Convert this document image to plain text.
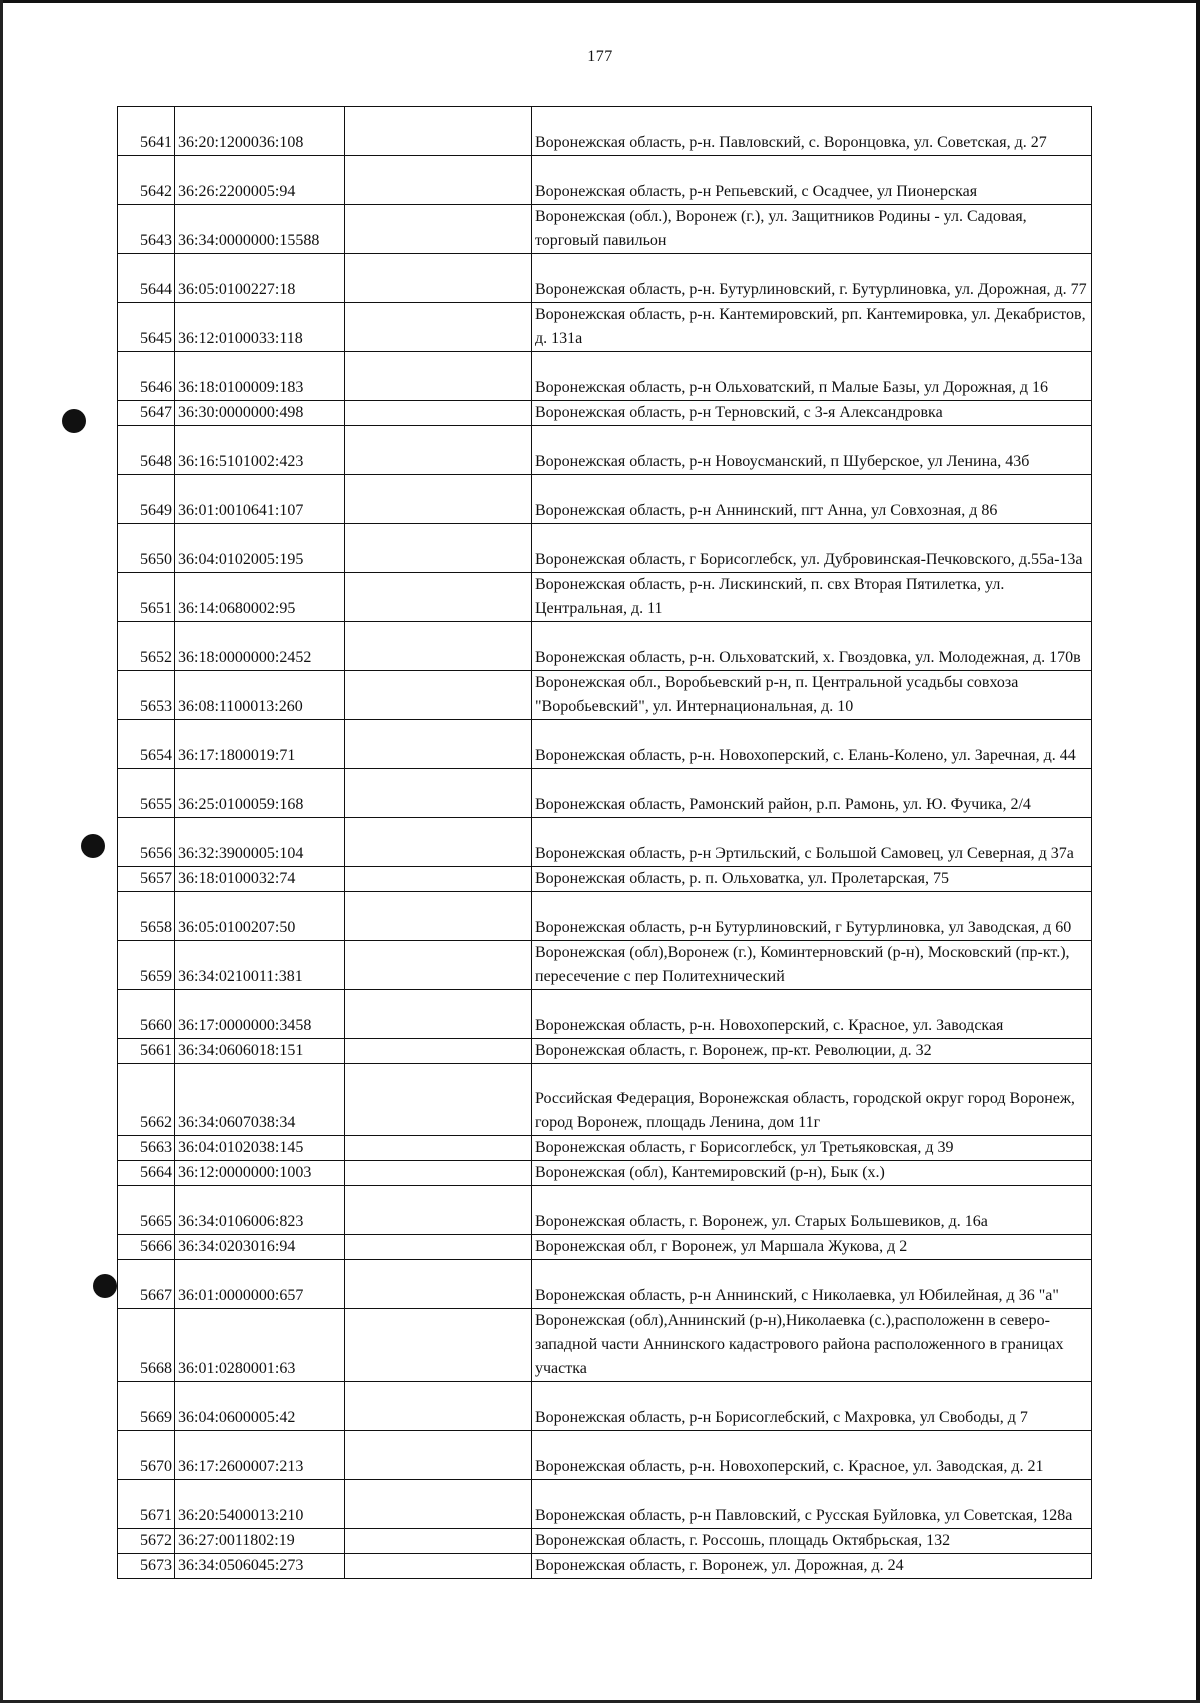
177
5641	36:20:1200036:108		Воронежская область, р-н. Павловский, с. Воронцовка, ул. Советская, д. 27
5642	36:26:2200005:94		Воронежская область, р-н Репьевский, с Осадчее, ул Пионерская
5643	36:34:0000000:15588		Воронежская (обл.), Воронеж (г.), ул. Защитников Родины - ул. Садовая, торговый павильон
5644	36:05:0100227:18		Воронежская область, р-н. Бутурлиновский, г. Бутурлиновка, ул. Дорожная, д. 77
5645	36:12:0100033:118		Воронежская область, р-н. Кантемировский, рп. Кантемировка, ул. Декабристов, д. 131а
5646	36:18:0100009:183		Воронежская область, р-н Ольховатский, п Малые Базы, ул Дорожная, д 16
5647	36:30:0000000:498		Воронежская область, р-н Терновский, с 3-я Александровка
5648	36:16:5101002:423		Воронежская область, р-н Новоусманский, п Шуберское, ул Ленина, 43б
5649	36:01:0010641:107		Воронежская область, р-н Аннинский, пгт Анна, ул Совхозная, д 86
5650	36:04:0102005:195		Воронежская область, г Борисоглебск, ул. Дубровинская-Печковского, д.55а-13а
5651	36:14:0680002:95		Воронежская область, р-н. Лискинский, п. свх Вторая Пятилетка, ул. Центральная, д. 11
5652	36:18:0000000:2452		Воронежская область, р-н. Ольховатский, х. Гвоздовка, ул. Молодежная, д. 170в
5653	36:08:1100013:260		Воронежская обл., Воробьевский р-н, п. Центральной усадьбы совхоза "Воробьевский", ул. Интернациональная, д. 10
5654	36:17:1800019:71		Воронежская область, р-н. Новохоперский, с. Елань-Колено, ул. Заречная, д. 44
5655	36:25:0100059:168		Воронежская область, Рамонский район, р.п. Рамонь, ул. Ю. Фучика, 2/4
5656	36:32:3900005:104		Воронежская область, р-н Эртильский, с Большой Самовец, ул Северная, д 37а
5657	36:18:0100032:74		Воронежская область, р. п. Ольховатка, ул. Пролетарская, 75
5658	36:05:0100207:50		Воронежская область, р-н Бутурлиновский, г Бутурлиновка, ул Заводская, д 60
5659	36:34:0210011:381		Воронежская (обл),Воронеж (г.), Коминтерновский (р-н), Московский (пр-кт.), пересечение с пер Политехнический
5660	36:17:0000000:3458		Воронежская область, р-н. Новохоперский, с. Красное, ул. Заводская
5661	36:34:0606018:151		Воронежская область, г. Воронеж, пр-кт. Революции, д. 32
5662	36:34:0607038:34		Российская Федерация, Воронежская область, городской округ город Воронеж, город Воронеж, площадь Ленина, дом 11г
5663	36:04:0102038:145		Воронежская область, г Борисоглебск, ул Третьяковская, д 39
5664	36:12:0000000:1003		Воронежская (обл), Кантемировский (р-н), Бык (х.)
5665	36:34:0106006:823		Воронежская область, г. Воронеж, ул. Старых Большевиков, д. 16а
5666	36:34:0203016:94		Воронежская обл, г Воронеж, ул Маршала Жукова, д 2
5667	36:01:0000000:657		Воронежская область, р-н Аннинский, с Николаевка, ул Юбилейная, д 36 "а"
5668	36:01:0280001:63		Воронежская (обл),Аннинский (р-н),Николаевка (с.),расположенн в северо-западной части Аннинского кадастрового района расположенного в границах участка
5669	36:04:0600005:42		Воронежская область, р-н Борисоглебский, с Махровка, ул Свободы, д 7
5670	36:17:2600007:213		Воронежская область, р-н. Новохоперский, с. Красное, ул. Заводская, д. 21
5671	36:20:5400013:210		Воронежская область, р-н Павловский, с Русская Буйловка, ул Советская, 128а
5672	36:27:0011802:19		Воронежская область, г. Россошь, площадь Октябрьская, 132
5673	36:34:0506045:273		Воронежская область, г. Воронеж, ул. Дорожная, д. 24
